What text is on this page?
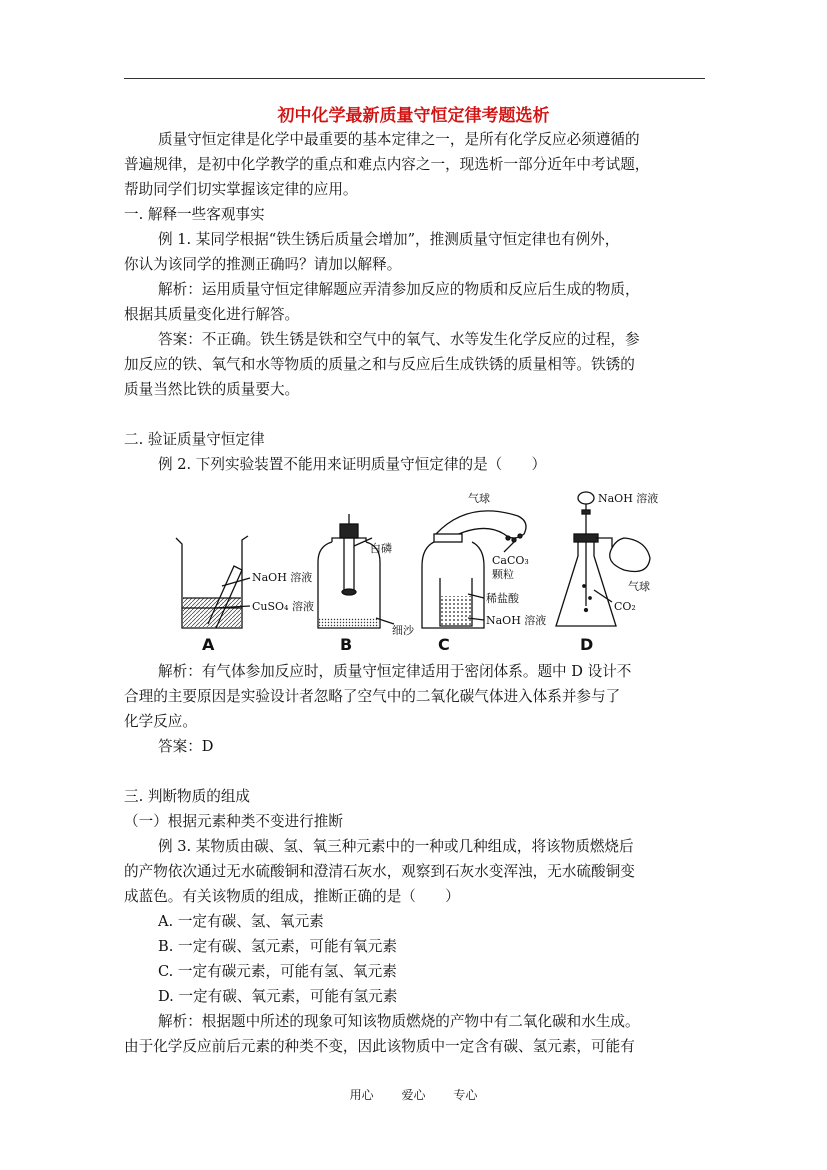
初中化学最新质量守恒定律考题选析
质量守恒定律是化学中最重要的基本定律之一，是所有化学反应必须遵循的
普遍规律，是初中化学教学的重点和难点内容之一，现选析一部分近年中考试题，
帮助同学们切实掌握该定律的应用。
一. 解释一些客观事实
例 1. 某同学根据“铁生锈后质量会增加”，推测质量守恒定律也有例外，
你认为该同学的推测正确吗？请加以解释。
解析：运用质量守恒定律解题应弄清参加反应的物质和反应后生成的物质，
根据其质量变化进行解答。
答案：不正确。铁生锈是铁和空气中的氧气、水等发生化学反应的过程，参
加反应的铁、氧气和水等物质的质量之和与反应后生成铁锈的质量相等。铁锈的
质量当然比铁的质量要大。
二. 验证质量守恒定律
例 2. 下列实验装置不能用来证明质量守恒定律的是（　　）
解析：有气体参加反应时，质量守恒定律适用于密闭体系。题中 D 设计不
合理的主要原因是实验设计者忽略了空气中的二氧化碳气体进入体系并参与了
化学反应。
答案：D
三. 判断物质的组成
（一）根据元素种类不变进行推断
例 3. 某物质由碳、氢、氧三种元素中的一种或几种组成，将该物质燃烧后
的产物依次通过无水硫酸铜和澄清石灰水，观察到石灰水变浑浊，无水硫酸铜变
成蓝色。有关该物质的组成，推断正确的是（　　）
A. 一定有碳、氢、氧元素
B. 一定有碳、氢元素，可能有氧元素
C. 一定有碳元素，可能有氢、氧元素
D. 一定有碳、氧元素，可能有氢元素
解析：根据题中所述的现象可知该物质燃烧的产物中有二氧化碳和水生成。
由于化学反应前后元素的种类不变，因此该物质中一定含有碳、氢元素，可能有
NaOH 溶液
CuSO₄ 溶液
A
白磷
细沙
B
气球
CaCO₃
颗粒
稀盐酸
NaOH 溶液
C
NaOH 溶液
气球
CO₂
D
用心 爱心 专心
